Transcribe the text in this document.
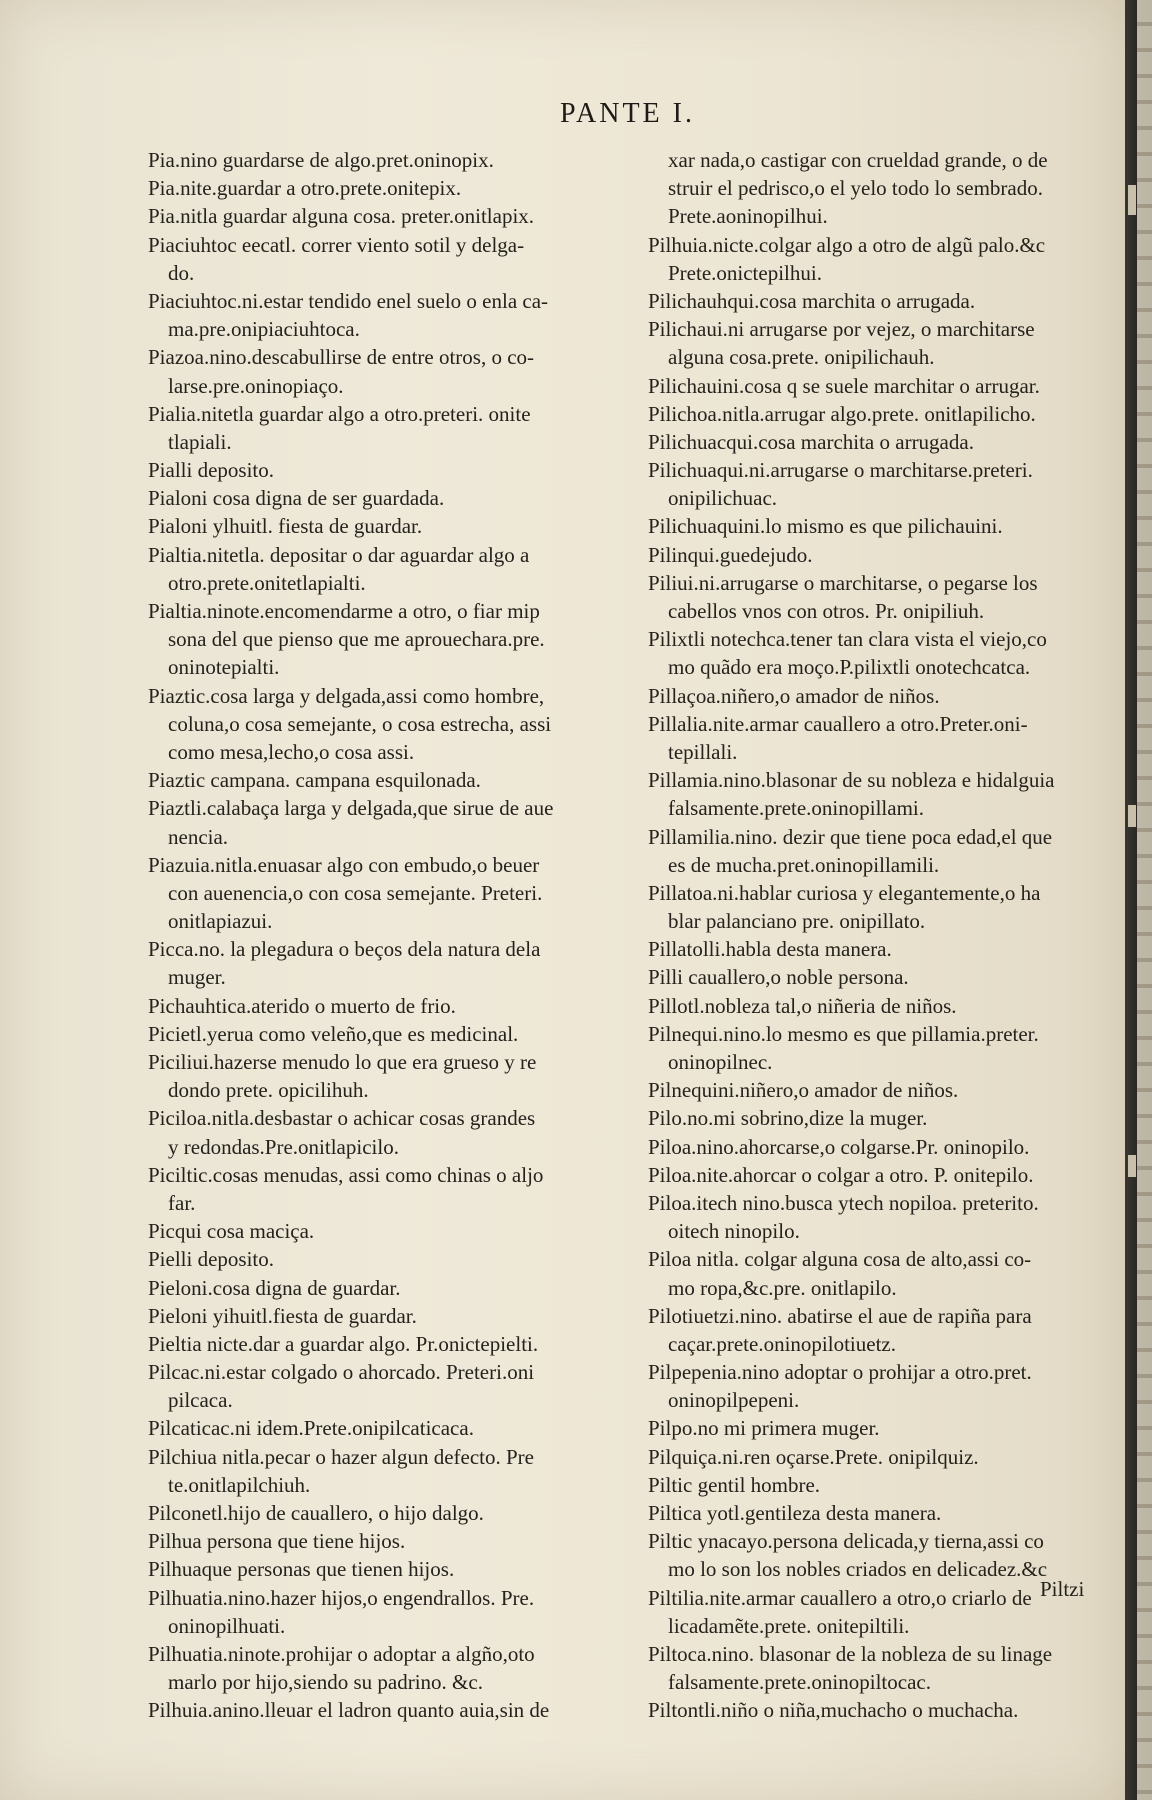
PANTE I.
Pia.nino guardarse de algo.pret.oninopix.
Pia.nite.guardar a otro.prete.onitepix.
Pia.nitla guardar alguna cosa. preter.onitlapix.
Piaciuhtoc eecatl. correr viento sotil y delga-
do.
Piaciuhtoc.ni.estar tendido enel suelo o enla ca-
ma.pre.onipiaciuhtoca.
Piazoa.nino.descabullirse de entre otros, o co-
larse.pre.oninopiaço.
Pialia.nitetla guardar algo a otro.preteri. onite
tlapiali.
Pialli deposito.
Pialoni cosa digna de ser guardada.
Pialoni ylhuitl. fiesta de guardar.
Pialtia.nitetla. depositar o dar aguardar algo a
otro.prete.onitetlapialti.
Pialtia.ninote.encomendarme a otro, o fiar mip
sona del que pienso que me aprouechara.pre.
oninotepialti.
Piaztic.cosa larga y delgada,assi como hombre,
coluna,o cosa semejante, o cosa estrecha, assi
como mesa,lecho,o cosa assi.
Piaztic campana. campana esquilonada.
Piaztli.calabaça larga y delgada,que sirue de aue
nencia.
Piazuia.nitla.enuasar algo con embudo,o beuer
con auenencia,o con cosa semejante. Preteri.
onitlapiazui.
Picca.no. la plegadura o beços dela natura dela
muger.
Pichauhtica.aterido o muerto de frio.
Picietl.yerua como veleño,que es medicinal.
Piciliui.hazerse menudo lo que era grueso y re
dondo prete. opicilihuh.
Piciloa.nitla.desbastar o achicar cosas grandes
y redondas.Pre.onitlapicilo.
Piciltic.cosas menudas, assi como chinas o aljo
far.
Picqui cosa maciça.
Pielli deposito.
Pieloni.cosa digna de guardar.
Pieloni yihuitl.fiesta de guardar.
Pieltia nicte.dar a guardar algo. Pr.onictepielti.
Pilcac.ni.estar colgado o ahorcado. Preteri.oni
pilcaca.
Pilcaticac.ni idem.Prete.onipilcaticaca.
Pilchiua nitla.pecar o hazer algun defecto. Pre
te.onitlapilchiuh.
Pilconetl.hijo de cauallero, o hijo dalgo.
Pilhua persona que tiene hijos.
Pilhuaque personas que tienen hijos.
Pilhuatia.nino.hazer hijos,o engendrallos. Pre.
oninopilhuati.
Pilhuatia.ninote.prohijar o adoptar a algño,oto
marlo por hijo,siendo su padrino. &c.
Pilhuia.anino.lleuar el ladron quanto auia,sin de
xar nada,o castigar con crueldad grande, o de
struir el pedrisco,o el yelo todo lo sembrado.
Prete.aoninopilhui.
Pilhuia.nicte.colgar algo a otro de algũ palo.&c
Prete.onictepilhui.
Pilichauhqui.cosa marchita o arrugada.
Pilichaui.ni arrugarse por vejez, o marchitarse
alguna cosa.prete. onipilichauh.
Pilichauini.cosa q se suele marchitar o arrugar.
Pilichoa.nitla.arrugar algo.prete. onitlapilicho.
Pilichuacqui.cosa marchita o arrugada.
Pilichuaqui.ni.arrugarse o marchitarse.preteri.
onipilichuac.
Pilichuaquini.lo mismo es que pilichauini.
Pilinqui.guedejudo.
Piliui.ni.arrugarse o marchitarse, o pegarse los
cabellos vnos con otros. Pr. onipiliuh.
Pilixtli notechca.tener tan clara vista el viejo,co
mo quãdo era moço.P.pilixtli onotechcatca.
Pillaçoa.niñero,o amador de niños.
Pillalia.nite.armar cauallero a otro.Preter.oni-
tepillali.
Pillamia.nino.blasonar de su nobleza e hidalguia
falsamente.prete.oninopillami.
Pillamilia.nino. dezir que tiene poca edad,el que
es de mucha.pret.oninopillamili.
Pillatoa.ni.hablar curiosa y elegantemente,o ha
blar palanciano pre. onipillato.
Pillatolli.habla desta manera.
Pilli cauallero,o noble persona.
Pillotl.nobleza tal,o niñeria de niños.
Pilnequi.nino.lo mesmo es que pillamia.preter.
oninopilnec.
Pilnequini.niñero,o amador de niños.
Pilo.no.mi sobrino,dize la muger.
Piloa.nino.ahorcarse,o colgarse.Pr. oninopilo.
Piloa.nite.ahorcar o colgar a otro. P. onitepilo.
Piloa.itech nino.busca ytech nopiloa. preterito.
oitech ninopilo.
Piloa nitla. colgar alguna cosa de alto,assi co-
mo ropa,&c.pre. onitlapilo.
Pilotiuetzi.nino. abatirse el aue de rapiña para
caçar.prete.oninopilotiuetz.
Pilpepenia.nino adoptar o prohijar a otro.pret.
oninopilpepeni.
Pilpo.no mi primera muger.
Pilquiça.ni.ren oçarse.Prete. onipilquiz.
Piltic gentil hombre.
Piltica yotl.gentileza desta manera.
Piltic ynacayo.persona delicada,y tierna,assi co
mo lo son los nobles criados en delicadez.&c
Piltilia.nite.armar cauallero a otro,o criarlo de
licadamẽte.prete. onitepiltili.
Piltoca.nino. blasonar de la nobleza de su linage
falsamente.prete.oninopiltocac.
Piltontli.niño o niña,muchacho o muchacha.
Piltzi
